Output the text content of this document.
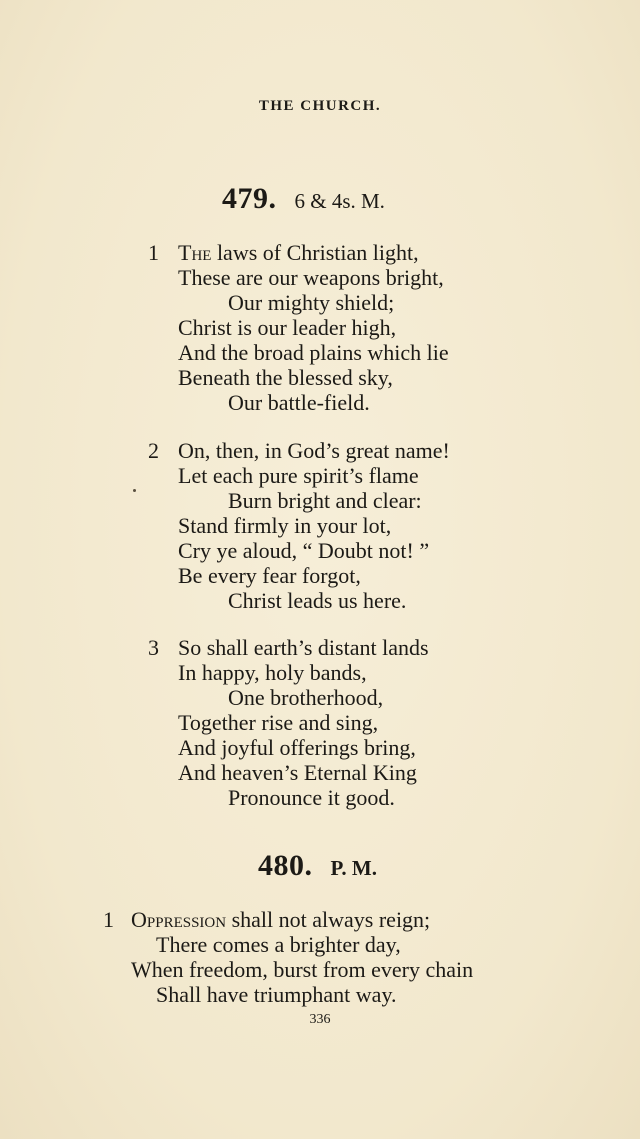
THE CHURCH.
479. 6 & 4s. M.
1 The laws of Christian light,
These are our weapons bright,
Our mighty shield;
Christ is our leader high,
And the broad plains which lie
Beneath the blessed sky,
Our battle-field.
2 On, then, in God’s great name!
Let each pure spirit’s flame
Burn bright and clear:
Stand firmly in your lot,
Cry ye aloud, “ Doubt not! ”
Be every fear forgot,
Christ leads us here.
3 So shall earth’s distant lands
In happy, holy bands,
One brotherhood,
Together rise and sing,
And joyful offerings bring,
And heaven’s Eternal King
Pronounce it good.
480. P. M.
1 Oppression shall not always reign;
There comes a brighter day,
When freedom, burst from every chain
Shall have triumphant way.
336
